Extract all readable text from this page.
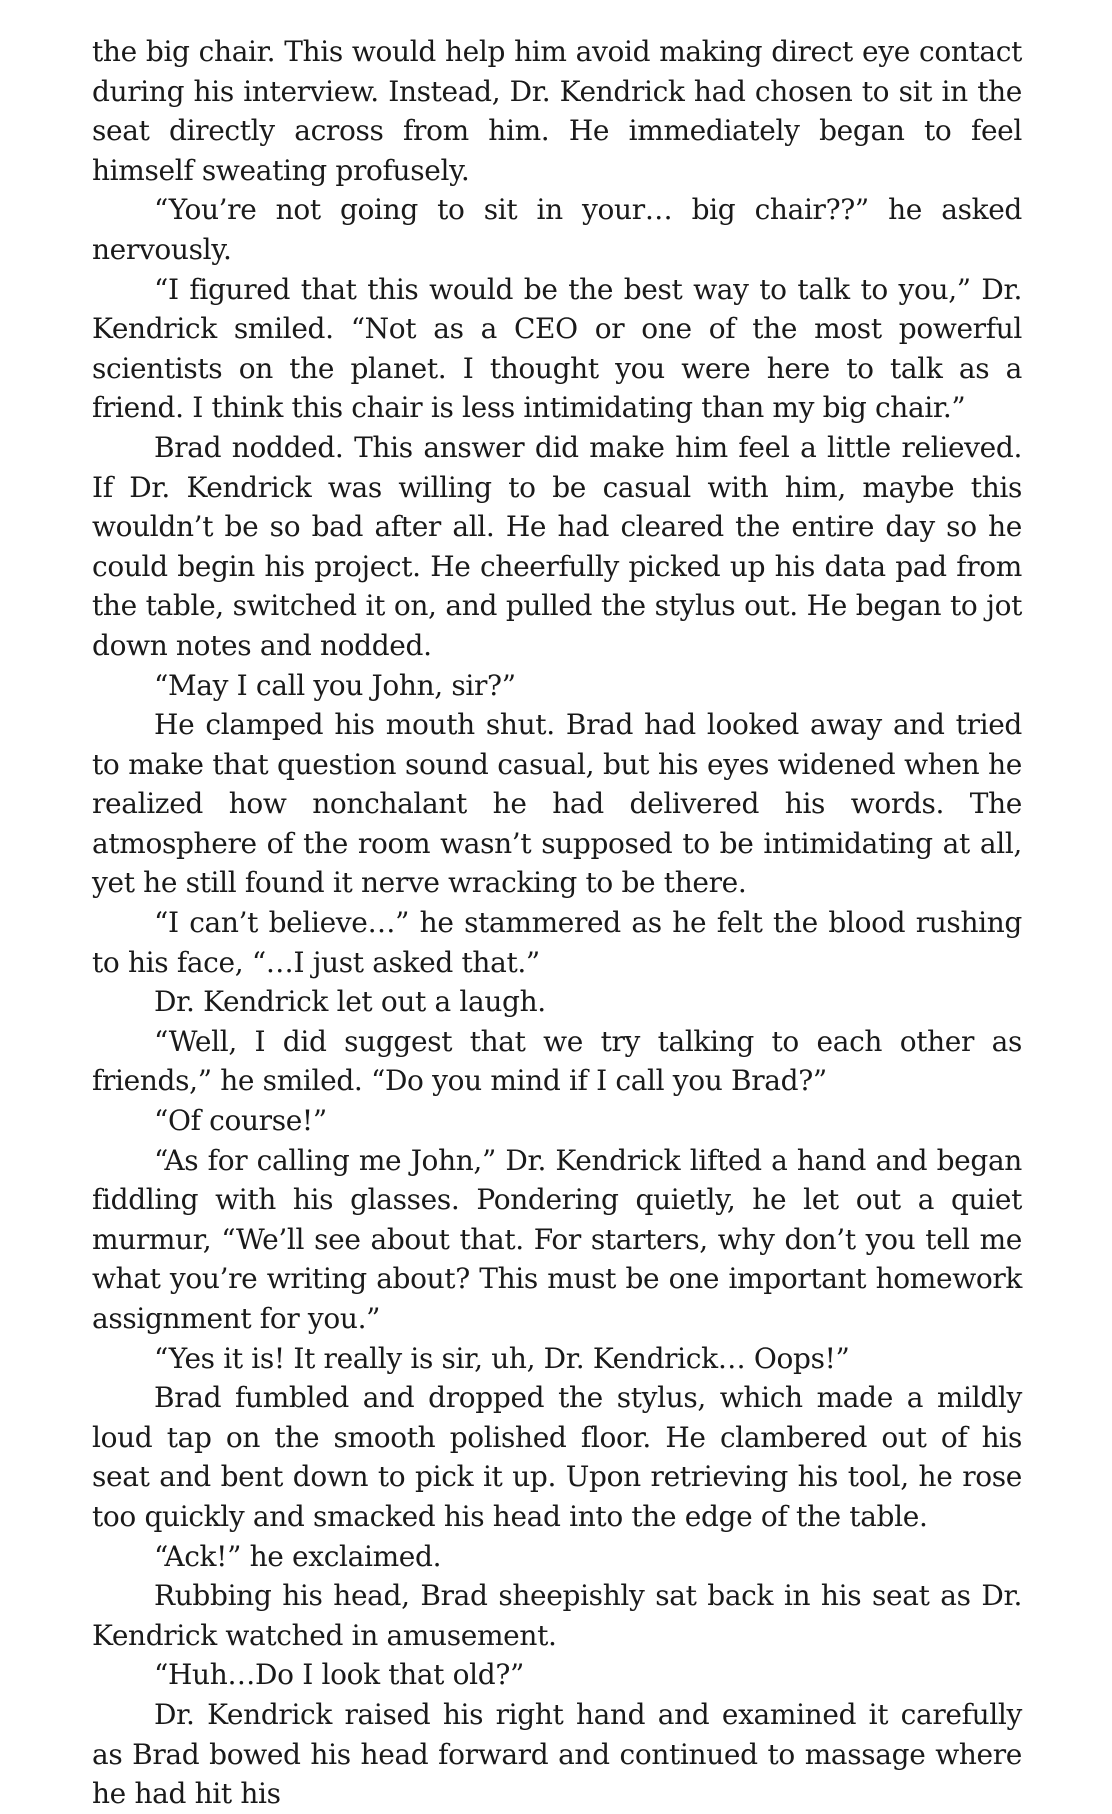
the big chair. This would help him avoid making direct eye contact during his interview. Instead, Dr. Kendrick had chosen to sit in the seat directly across from him. He immediately began to feel himself sweating profusely.

“You’re not going to sit in your… big chair??” he asked nervously.

“I figured that this would be the best way to talk to you,” Dr. Kendrick smiled. “Not as a CEO or one of the most powerful scientists on the planet. I thought you were here to talk as a friend. I think this chair is less intimidating than my big chair.”

Brad nodded. This answer did make him feel a little relieved. If Dr. Kendrick was willing to be casual with him, maybe this wouldn’t be so bad after all. He had cleared the entire day so he could begin his project. He cheerfully picked up his data pad from the table, switched it on, and pulled the stylus out. He began to jot down notes and nodded.

“May I call you John, sir?”

He clamped his mouth shut. Brad had looked away and tried to make that question sound casual, but his eyes widened when he realized how nonchalant he had delivered his words. The atmosphere of the room wasn’t supposed to be intimidating at all, yet he still found it nerve wracking to be there.

“I can’t believe…” he stammered as he felt the blood rushing to his face, “…I just asked that.”

Dr. Kendrick let out a laugh.

“Well, I did suggest that we try talking to each other as friends,” he smiled. “Do you mind if I call you Brad?”

“Of course!”

“As for calling me John,” Dr. Kendrick lifted a hand and began fiddling with his glasses. Pondering quietly, he let out a quiet murmur, “We’ll see about that. For starters, why don’t you tell me what you’re writing about? This must be one important homework assignment for you.”

“Yes it is! It really is sir, uh, Dr. Kendrick… Oops!”

Brad fumbled and dropped the stylus, which made a mildly loud tap on the smooth polished floor. He clambered out of his seat and bent down to pick it up. Upon retrieving his tool, he rose too quickly and smacked his head into the edge of the table.

“Ack!” he exclaimed.

Rubbing his head, Brad sheepishly sat back in his seat as Dr. Kendrick watched in amusement.

“Huh…Do I look that old?”

Dr. Kendrick raised his right hand and examined it carefully as Brad bowed his head forward and continued to massage where he had hit his
